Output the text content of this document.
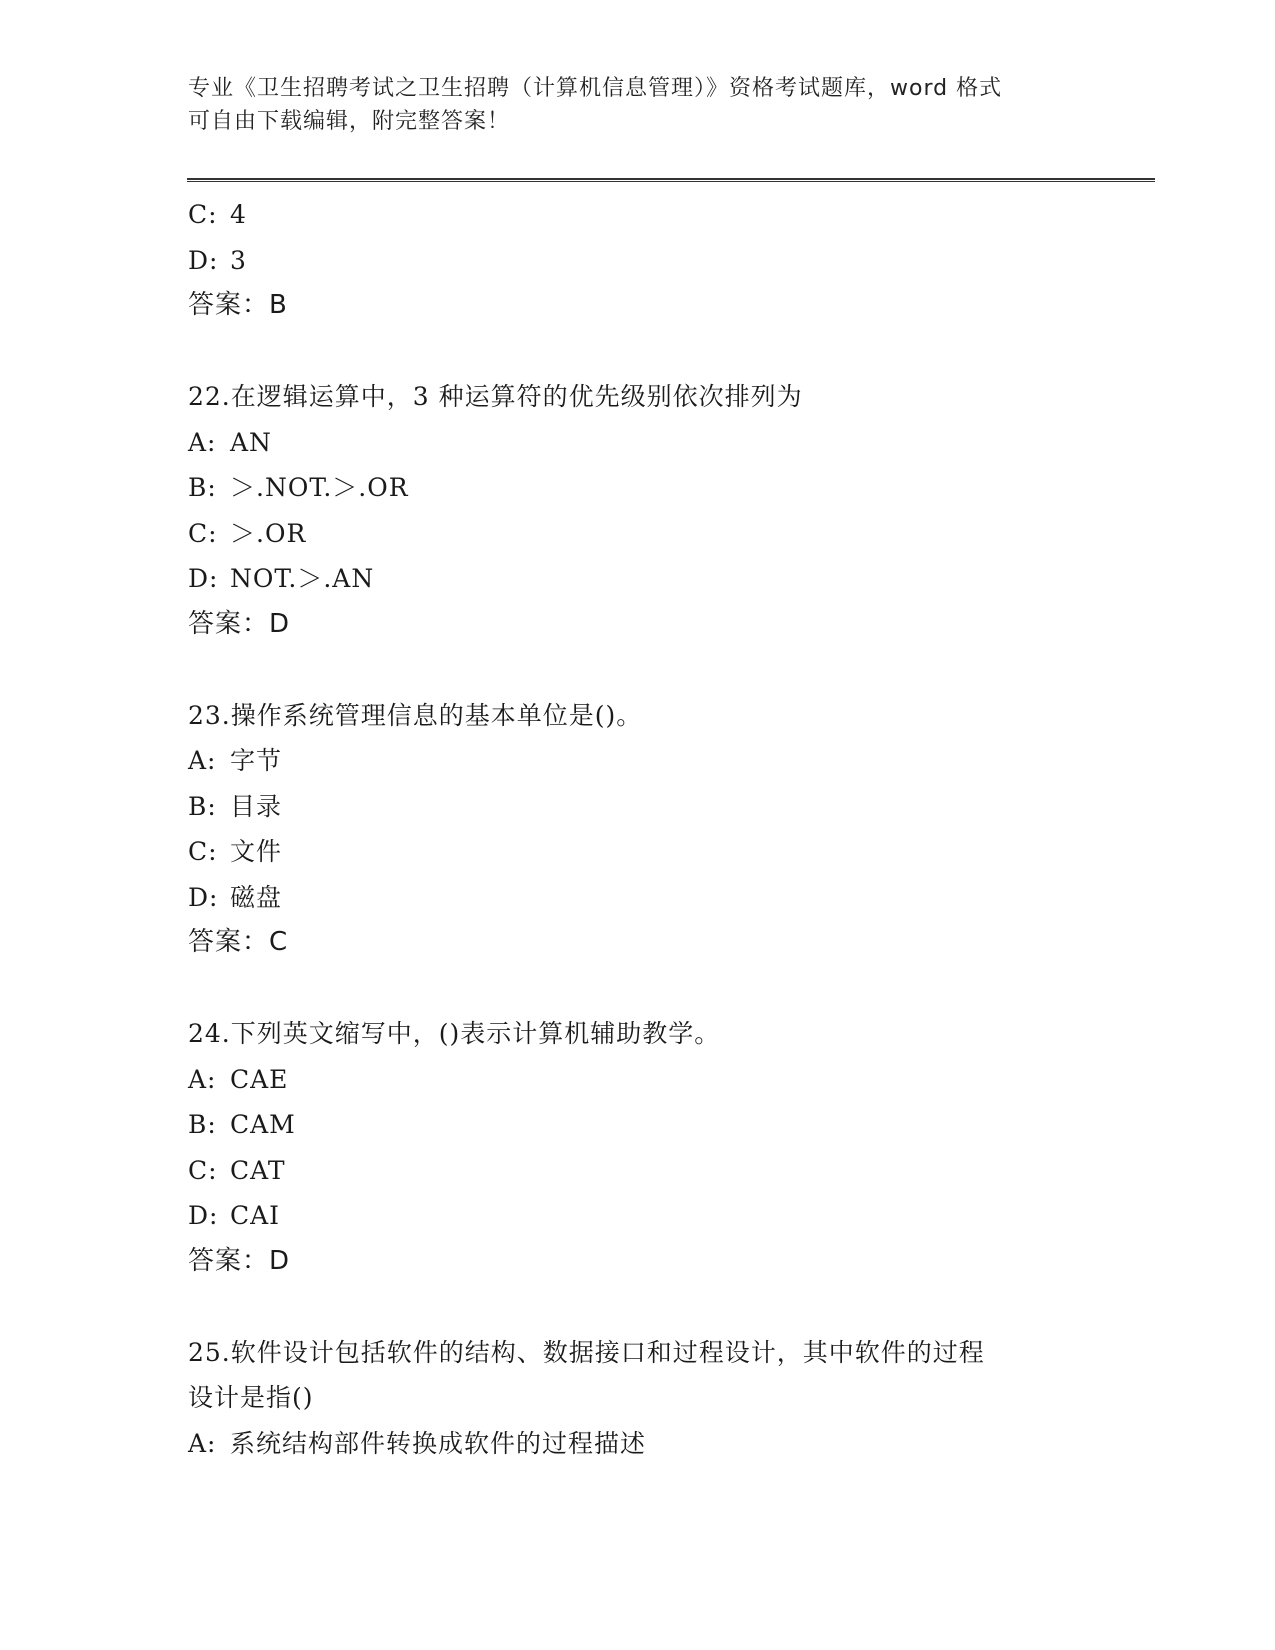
专业《卫生招聘考试之卫生招聘（计算机信息管理）》资格考试题库，word 格式
可自由下载编辑，附完整答案！
C: 4
D: 3
答案：B
22.在逻辑运算中，3 种运算符的优先级别依次排列为
A: AN
B: ＞.NOT.＞.OR
C: ＞.OR
D: NOT.＞.AN
答案：D
23.操作系统管理信息的基本单位是()。
A: 字节
B: 目录
C: 文件
D: 磁盘
答案：C
24.下列英文缩写中，()表示计算机辅助教学。
A: CAE
B: CAM
C: CAT
D: CAI
答案：D
25.软件设计包括软件的结构、数据接口和过程设计，其中软件的过程
设计是指()
A: 系统结构部件转换成软件的过程描述
